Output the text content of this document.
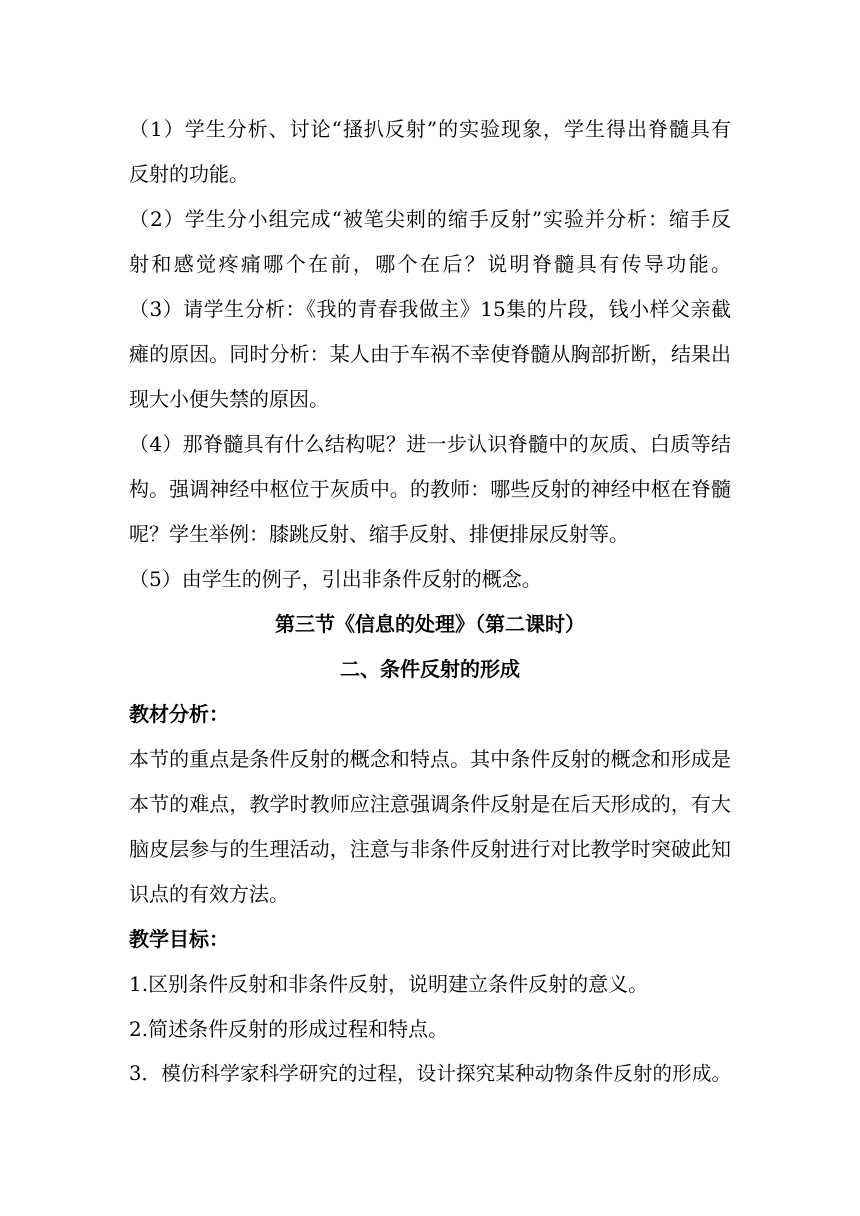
（1）学生分析、讨论“搔扒反射”的实验现象，学生得出脊髓具有
反射的功能。
（2）学生分小组完成“被笔尖刺的缩手反射”实验并分析：缩手反
射和感觉疼痛哪个在前，哪个在后？说明脊髓具有传导功能。
（3）请学生分析：《我的青春我做主》15集的片段，钱小样父亲截
瘫的原因。同时分析：某人由于车祸不幸使脊髓从胸部折断，结果出
现大小便失禁的原因。
（4）那脊髓具有什么结构呢？进一步认识脊髓中的灰质、白质等结
构。强调神经中枢位于灰质中。的教师：哪些反射的神经中枢在脊髓
呢？学生举例：膝跳反射、缩手反射、排便排尿反射等。
（5）由学生的例子，引出非条件反射的概念。
第三节《信息的处理》（第二课时）
二、条件反射的形成
教材分析：
本节的重点是条件反射的概念和特点。其中条件反射的概念和形成是
本节的难点，教学时教师应注意强调条件反射是在后天形成的，有大
脑皮层参与的生理活动，注意与非条件反射进行对比教学时突破此知
识点的有效方法。
教学目标：
1.区别条件反射和非条件反射，说明建立条件反射的意义。
2.简述条件反射的形成过程和特点。
3．模仿科学家科学研究的过程，设计探究某种动物条件反射的形成。
